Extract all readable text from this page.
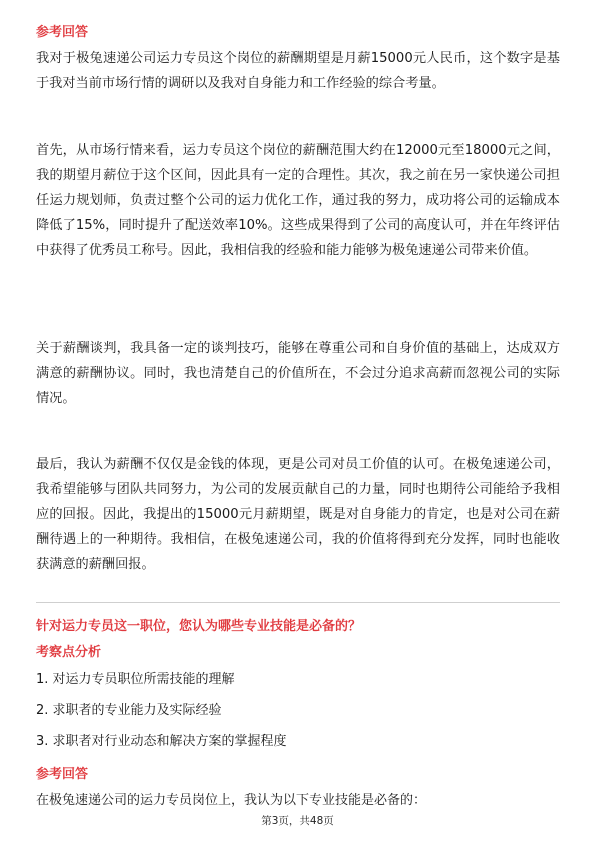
参考回答
我对于极兔速递公司运力专员这个岗位的薪酬期望是月薪15000元人民币，这个数字是基于我对当前市场行情的调研以及我对自身能力和工作经验的综合考量。
首先，从市场行情来看，运力专员这个岗位的薪酬范围大约在12000元至18000元之间，我的期望月薪位于这个区间，因此具有一定的合理性。其次，我之前在另一家快递公司担任运力规划师，负责过整个公司的运力优化工作，通过我的努力，成功将公司的运输成本降低了15%，同时提升了配送效率10%。这些成果得到了公司的高度认可，并在年终评估中获得了优秀员工称号。因此，我相信我的经验和能力能够为极兔速递公司带来价值。
关于薪酬谈判，我具备一定的谈判技巧，能够在尊重公司和自身价值的基础上，达成双方满意的薪酬协议。同时，我也清楚自己的价值所在，不会过分追求高薪而忽视公司的实际情况。
最后，我认为薪酬不仅仅是金钱的体现，更是公司对员工价值的认可。在极兔速递公司，我希望能够与团队共同努力，为公司的发展贡献自己的力量，同时也期待公司能给予我相应的回报。因此，我提出的15000元月薪期望，既是对自身能力的肯定，也是对公司在薪酬待遇上的一种期待。我相信，在极兔速递公司，我的价值将得到充分发挥，同时也能收获满意的薪酬回报。
针对运力专员这一职位，您认为哪些专业技能是必备的？
考察点分析
1. 对运力专员职位所需技能的理解
2. 求职者的专业能力及实际经验
3. 求职者对行业动态和解决方案的掌握程度
参考回答
在极兔速递公司的运力专员岗位上，我认为以下专业技能是必备的：
第3页，共48页
